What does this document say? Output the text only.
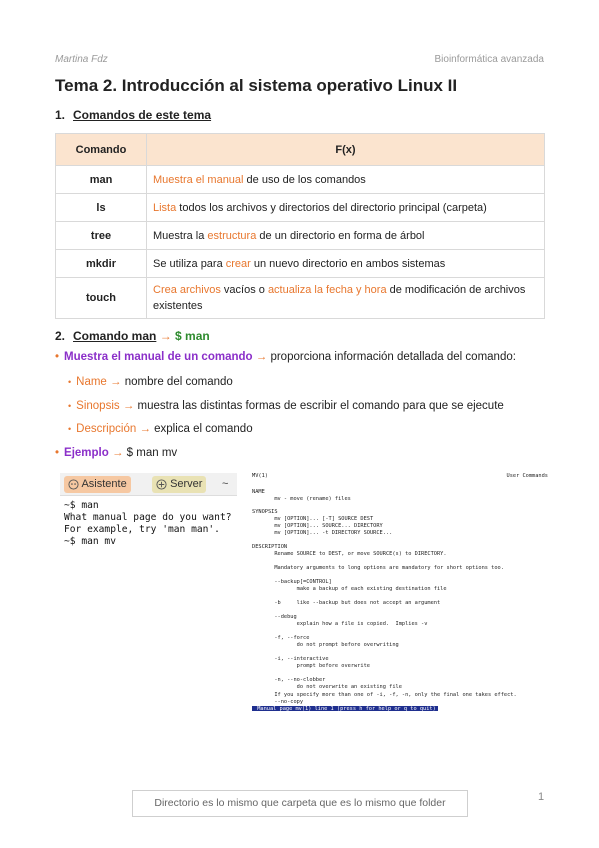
Martina Fdz	Bioinformática avanzada
Tema 2. Introducción al sistema operativo Linux II
1. Comandos de este tema
Comando	F(x)
man	Muestra el manual de uso de los comandos
ls	Lista todos los archivos y directorios del directorio principal (carpeta)
tree	Muestra la estructura de un directorio en forma de árbol
mkdir	Se utiliza para crear un nuevo directorio en ambos sistemas
touch	Crea archivos vacíos o actualiza la fecha y hora de modificación de archivos existentes
2. Comando man → $ man
• Muestra el manual de un comando → proporciona información detallada del comando:
• Name → nombre del comando
• Sinopsis → muestra las distintas formas de escribir el comando para que se ejecute
• Descripción → explica el comando
• Ejemplo → $ man mv
Asistente	Server	~
~$ man
What manual page do you want?
For example, try 'man man'.
~$ man mv
MV(1)	User Commands
NAME
mv - move (rename) files
SYNOPSIS
mv [OPTION]... [-T] SOURCE DEST
mv [OPTION]... SOURCE... DIRECTORY
mv [OPTION]... -t DIRECTORY SOURCE...
DESCRIPTION
Rename SOURCE to DEST, or move SOURCE(s) to DIRECTORY.
Mandatory arguments to long options are mandatory for short options too.
--backup[=CONTROL]
make a backup of each existing destination file
-b     like --backup but does not accept an argument
--debug
explain how a file is copied.  Implies -v
-f, --force
do not prompt before overwriting
-i, --interactive
prompt before overwrite
-n, --no-clobber
do not overwrite an existing file
If you specify more than one of -i, -f, -n, only the final one takes effect.
--no-copy
Manual page mv(1) line 1 (press h for help or q to quit)
Directorio es lo mismo que carpeta que es lo mismo que folder	1
